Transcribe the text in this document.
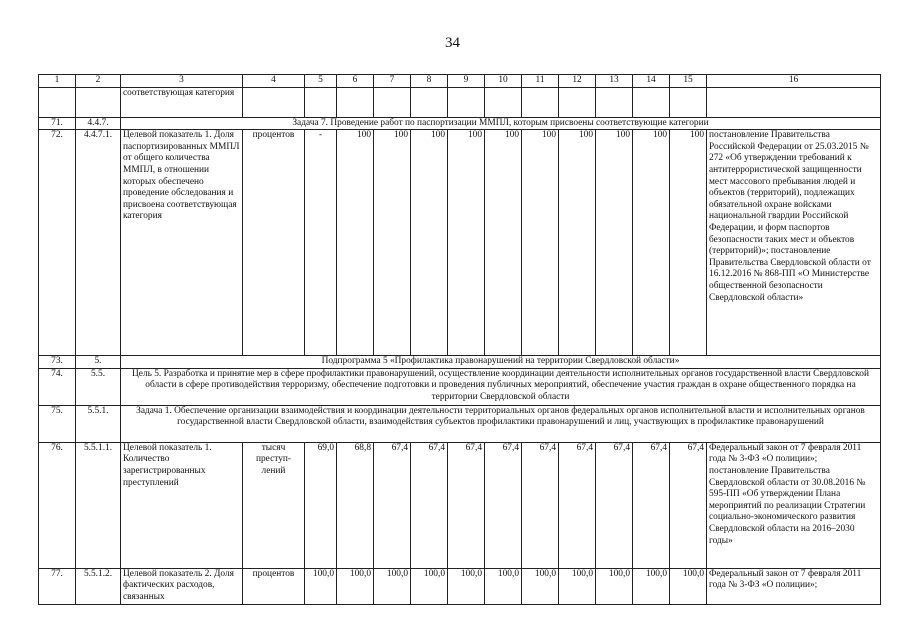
34
1	2	3	4	5	6	7	8	9	10	11	12	13	14	15	16
		соответствующая категория													
71.	4.4.7.	Задача 7. Проведение работ по паспортизации ММПЛ, которым присвоены соответствующие категории													
72.	4.4.7.1.	Целевой показатель 1. Доля паспортизированных ММПЛ от общего количества ММПЛ, в отношении которых обеспечено проведение обследования и присвоена соответствующая категория	процентов	-	100	100	100	100	100	100	100	100	100	100	постановление Правительства Российской Федерации от 25.03.2015 № 272 «Об утверждении требований к антитеррористической защищенности мест массового пребывания людей и объектов (территорий), подлежащих обязательной охране войсками национальной гвардии Российской Федерации, и форм паспортов безопасности таких мест и объектов (территорий)»; постановление Правительства Свердловской области от 16.12.2016 № 868-ПП «О Министерстве общественной безопасности Свердловской области»
73.	5.	Подпрограмма 5 «Профилактика правонарушений на территории Свердловской области»													
74.	5.5.	Цель 5. Разработка и принятие мер в сфере профилактики правонарушений, осуществление координации деятельности исполнительных органов государственной власти Свердловской области в сфере противодействия терроризму, обеспечение подготовки и проведения публичных мероприятий, обеспечение участия граждан в охране общественного порядка на территории Свердловской области													
75.	5.5.1.	Задача 1. Обеспечение организации взаимодействия и координации деятельности территориальных органов федеральных органов исполнительной власти и исполнительных органов государственной власти Свердловской области, взаимодействия субъектов профилактики правонарушений и лиц, участвующих в профилактике правонарушений													
76.	5.5.1.1.	Целевой показатель 1. Количество зарегистрированных преступлений	тысяч преступ-лений	69,0	68,8	67,4	67,4	67,4	67,4	67,4	67,4	67,4	67,4	67,4	Федеральный закон от 7 февраля 2011 года № 3-ФЗ «О полиции»; постановление Правительства Свердловской области от 30.08.2016 № 595-ПП «Об утверждении Плана мероприятий по реализации Стратегии социально-экономического развития Свердловской области на 2016–2030 годы»
77.	5.5.1.2.	Целевой показатель 2. Доля фактических расходов, связанных	процентов	100,0	100,0	100,0	100,0	100,0	100,0	100,0	100,0	100,0	100,0	100,0	Федеральный закон от 7 февраля 2011 года № 3-ФЗ «О полиции»;
